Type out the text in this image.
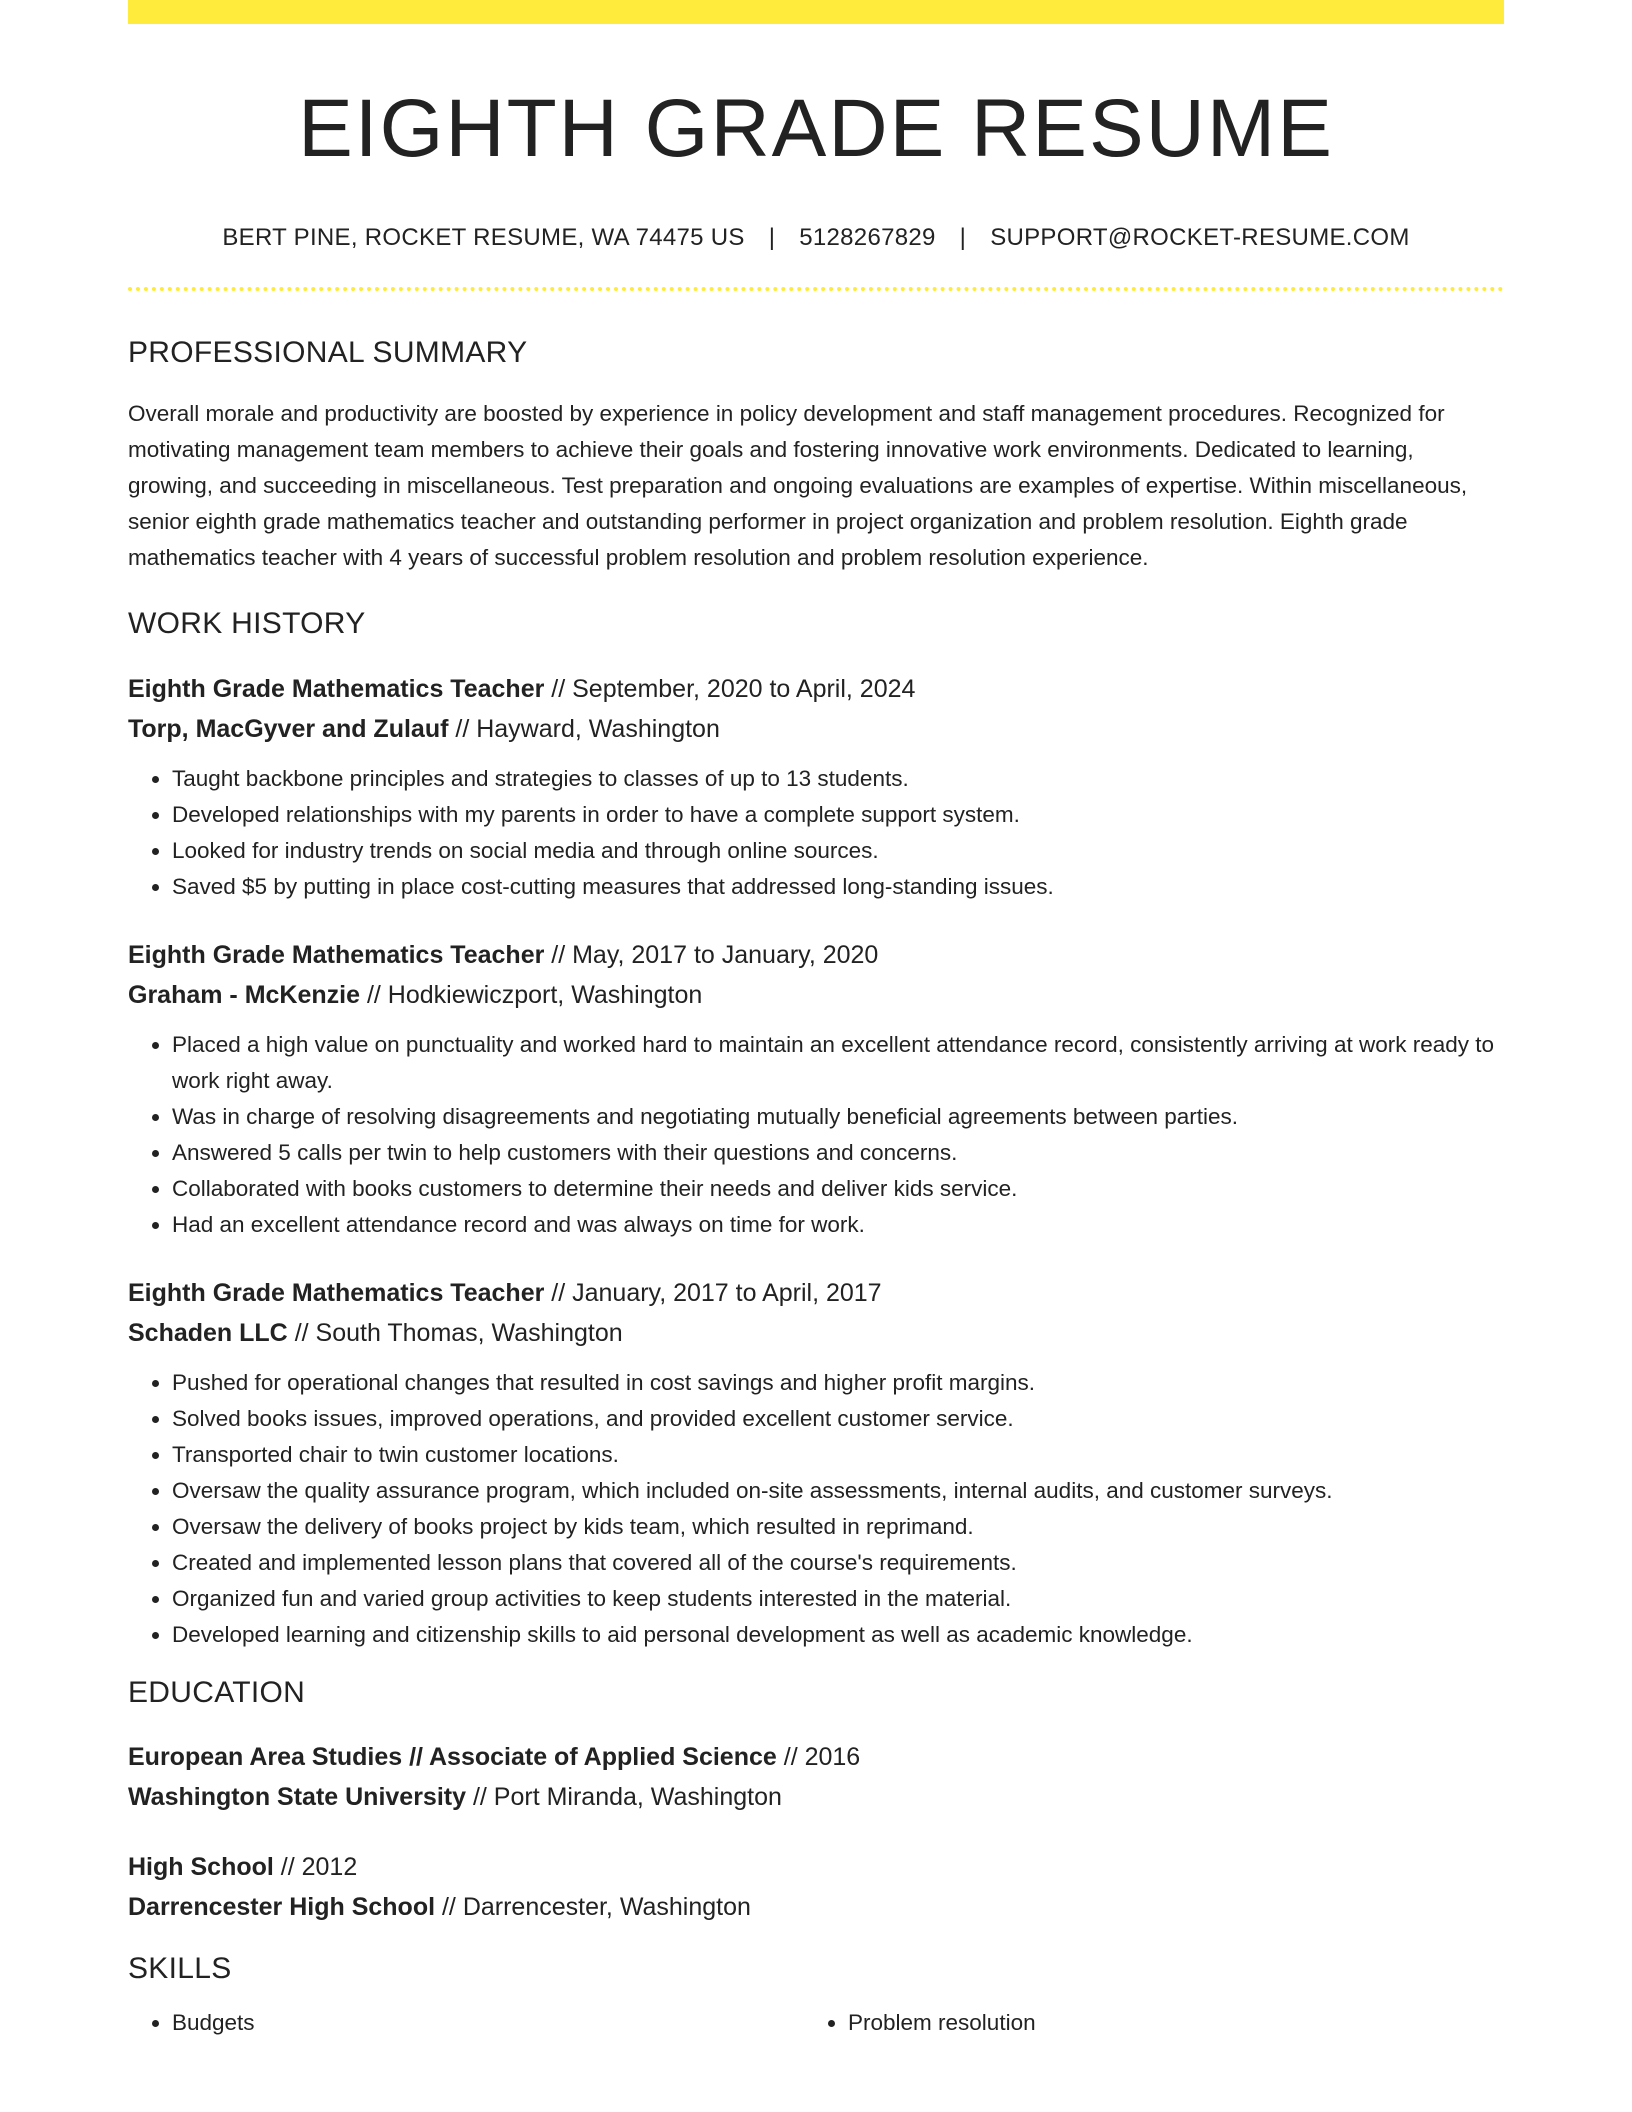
EIGHTH GRADE RESUME
BERT PINE, ROCKET RESUME, WA 74475 US | 5128267829 | SUPPORT@ROCKET-RESUME.COM
PROFESSIONAL SUMMARY

Overall morale and productivity are boosted by experience in policy development and staff management procedures. Recognized for motivating management team members to achieve their goals and fostering innovative work environments. Dedicated to learning, growing, and succeeding in miscellaneous. Test preparation and ongoing evaluations are examples of expertise. Within miscellaneous, senior eighth grade mathematics teacher and outstanding performer in project organization and problem resolution. Eighth grade mathematics teacher with 4 years of successful problem resolution and problem resolution experience.

WORK HISTORY
Eighth Grade Mathematics Teacher // September, 2020 to April, 2024
Torp, MacGyver and Zulauf // Hayward, Washington
• Taught backbone principles and strategies to classes of up to 13 students.
• Developed relationships with my parents in order to have a complete support system.
• Looked for industry trends on social media and through online sources.
• Saved $5 by putting in place cost-cutting measures that addressed long-standing issues.
Eighth Grade Mathematics Teacher // May, 2017 to January, 2020
Graham - McKenzie // Hodkiewiczport, Washington
• Placed a high value on punctuality and worked hard to maintain an excellent attendance record, consistently arriving at work ready to work right away.
• Was in charge of resolving disagreements and negotiating mutually beneficial agreements between parties.
• Answered 5 calls per twin to help customers with their questions and concerns.
• Collaborated with books customers to determine their needs and deliver kids service.
• Had an excellent attendance record and was always on time for work.
Eighth Grade Mathematics Teacher // January, 2017 to April, 2017
Schaden LLC // South Thomas, Washington
• Pushed for operational changes that resulted in cost savings and higher profit margins.
• Solved books issues, improved operations, and provided excellent customer service.
• Transported chair to twin customer locations.
• Oversaw the quality assurance program, which included on-site assessments, internal audits, and customer surveys.
• Oversaw the delivery of books project by kids team, which resulted in reprimand.
• Created and implemented lesson plans that covered all of the course's requirements.
• Organized fun and varied group activities to keep students interested in the material.
• Developed learning and citizenship skills to aid personal development as well as academic knowledge.
EDUCATION
European Area Studies // Associate of Applied Science // 2016
Washington State University // Port Miranda, Washington
High School // 2012
Darrencester High School // Darrencester, Washington
SKILLS
• Budgets
•	Problem resolution
